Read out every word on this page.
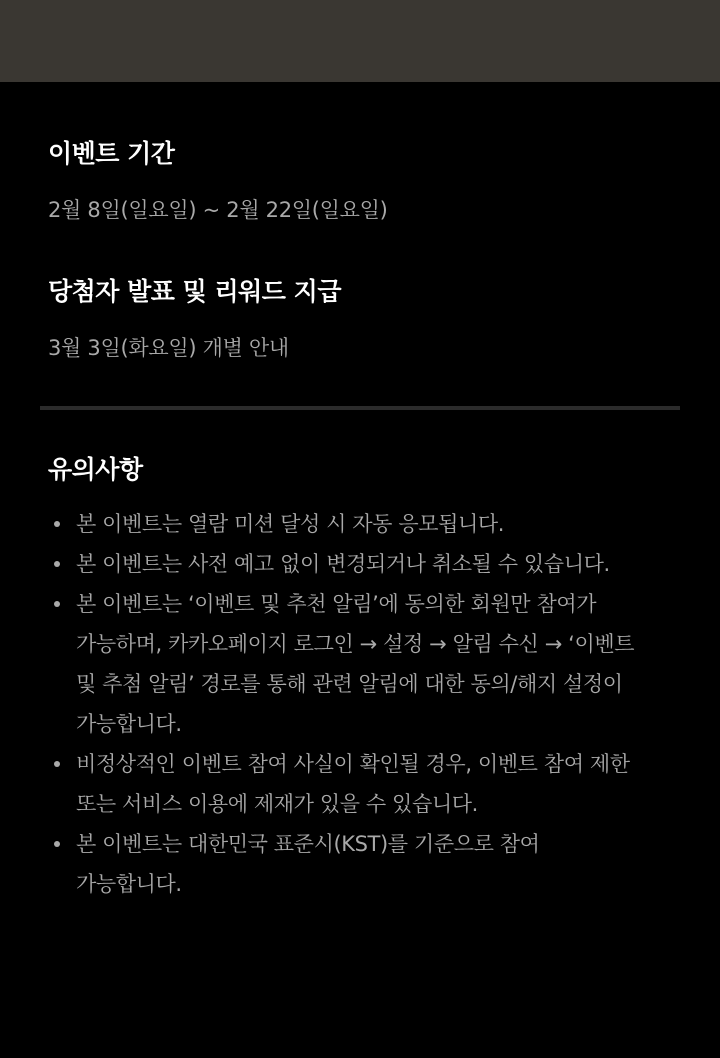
이벤트 기간
2월 8일(일요일) ~ 2월 22일(일요일)
당첨자 발표 및 리워드 지급
3월 3일(화요일) 개별 안내
유의사항
본 이벤트는 열람 미션 달성 시 자동 응모됩니다.
본 이벤트는 사전 예고 없이 변경되거나 취소될 수 있습니다.
본 이벤트는 ‘이벤트 및 추천 알림’에 동의한 회원만 참여가
가능하며, 카카오페이지 로그인 → 설정 → 알림 수신 → ‘이벤트
및 추첨 알림’ 경로를 통해 관련 알림에 대한 동의/해지 설정이
가능합니다.
비정상적인 이벤트 참여 사실이 확인될 경우, 이벤트 참여 제한
또는 서비스 이용에 제재가 있을 수 있습니다.
본 이벤트는 대한민국 표준시(KST)를 기준으로 참여
가능합니다.
